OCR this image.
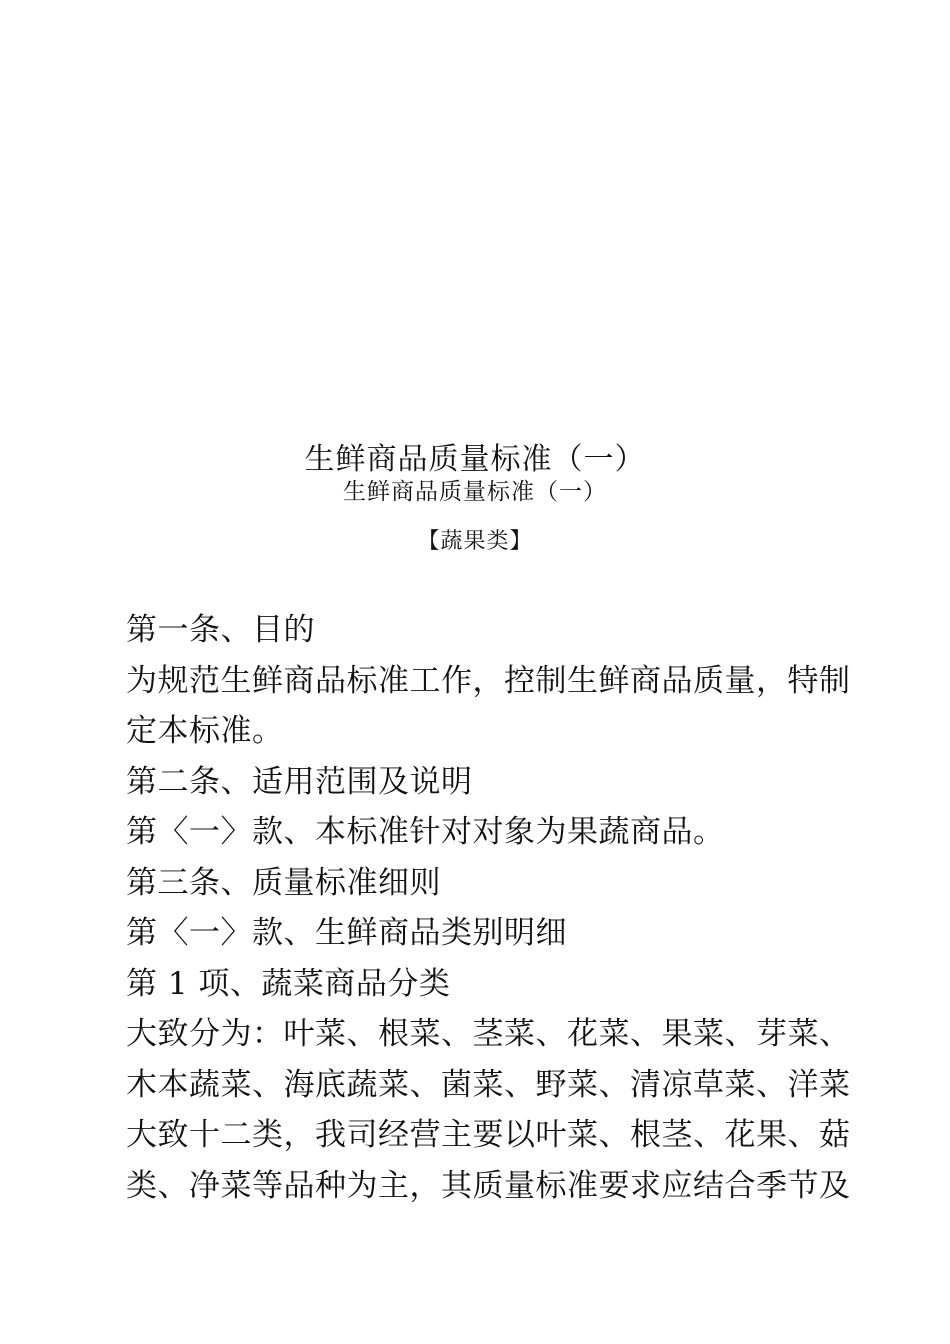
生鲜商品质量标准（一）
生鲜商品质量标准（一）
【蔬果类】
第一条、目的
为规范生鲜商品标准工作，控制生鲜商品质量，特制
定本标准。
第二条、适用范围及说明
第〈一〉款、本标准针对对象为果蔬商品。
第三条、质量标准细则
第〈一〉款、生鲜商品类别明细
第 1 项、蔬菜商品分类
大致分为：叶菜、根菜、茎菜、花菜、果菜、芽菜、
木本蔬菜、海底蔬菜、菌菜、野菜、清凉草菜、洋菜
大致十二类，我司经营主要以叶菜、根茎、花果、菇
类、净菜等品种为主，其质量标准要求应结合季节及
